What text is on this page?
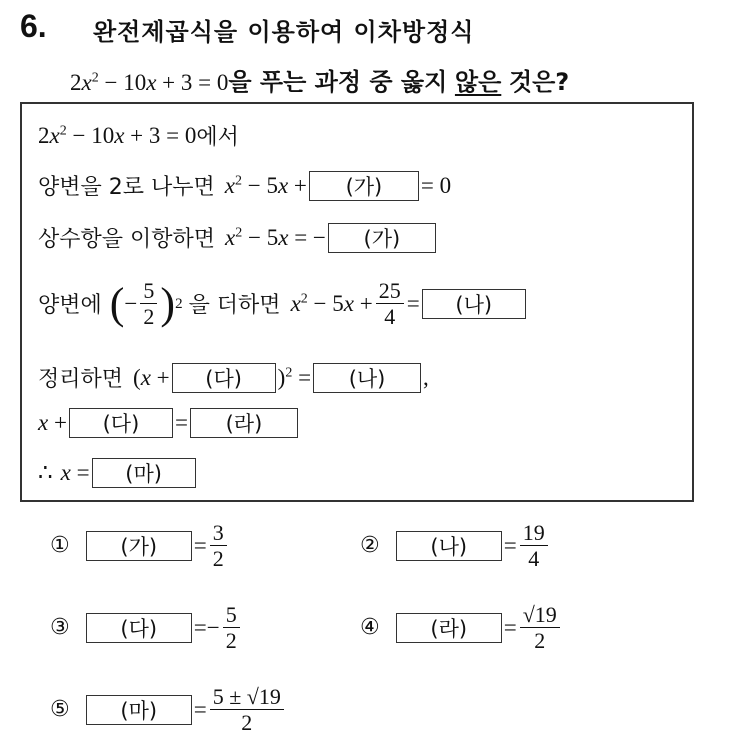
6. 완전제곱식을 이용하여 이차방정식
$2x^2 - 10x + 3 = 0$을 푸는 과정 중 옳지 않은 것은?
$2x^2 - 10x + 3 = 0$ 에서
양변을 2로 나누면 $x^2 - 5x$ +	(가)	= 0
상수항을 이항하면 $x^2 - 5x$ = −	(가)
양변에 ( − $\frac{5}{2}$ ) 2 을 더하면 $x^2 - 5x + \frac{25}{4}$ =	(나)
정리하면 (x +	(다)	)$^2$ =	(나)	,
x +	(다)	=	(라)
∴ x =	(마)
①	(가)	= $\frac{3}{2}$	②	(나)	= $\frac{19}{4}$
③	(다)	=− $\frac{5}{2}$	④	(라)	= $\frac{√19}{2}$
⑤	(마)	= $\frac{5 \pm √19}{2}$
